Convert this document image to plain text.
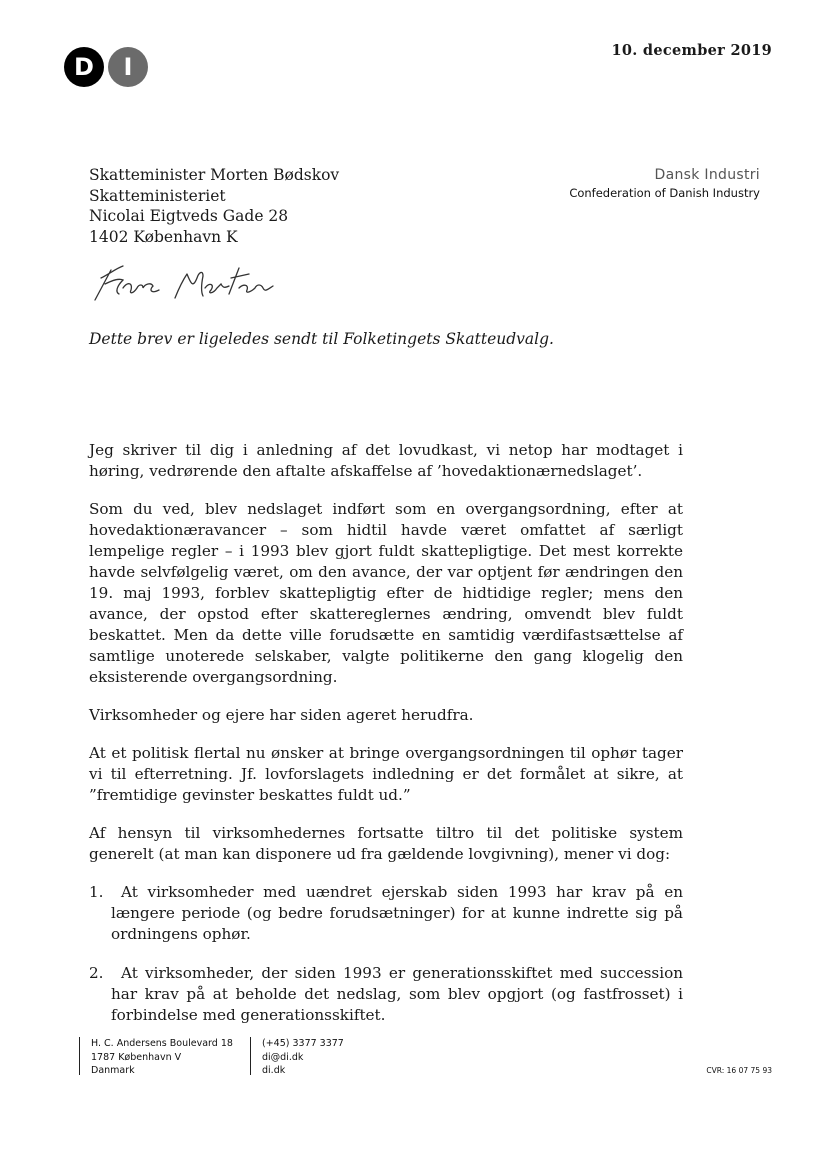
D	I
10. december 2019
Skatteminister Morten Bødskov
Skatteministeriet
Nicolai Eigtveds Gade 28
1402 København K
Dansk Industri
Confederation of Danish Industry
Dette brev er ligeledes sendt til Folketingets Skatteudvalg.

Jeg skriver til dig i anledning af det lovudkast, vi netop har modtaget i høring, vedrørende den aftalte afskaffelse af ’hovedaktionærnedslaget’.

Som du ved, blev nedslaget indført som en overgangsordning, efter at hovedaktionæravancer – som hidtil havde været omfattet af særligt lempelige regler – i 1993 blev gjort fuldt skattepligtige. Det mest korrekte havde selvfølgelig været, om den avance, der var optjent før ændringen den 19. maj 1993, forblev skattepligtig efter de hidtidige regler; mens den avance, der opstod efter skattereglernes ændring, omvendt blev fuldt beskattet. Men da dette ville forudsætte en samtidig værdifastsættelse af samtlige unoterede selskaber, valgte politikerne den gang klogelig den eksisterende overgangsordning.

Virksomheder og ejere har siden ageret herudfra.

At et politisk flertal nu ønsker at bringe overgangsordningen til ophør tager vi til efterretning. Jf. lovforslagets indledning er det formålet at sikre, at ”fremtidige gevinster beskattes fuldt ud.”

Af hensyn til virksomhedernes fortsatte tiltro til det politiske system generelt (at man kan disponere ud fra gældende lovgivning), mener vi dog:

1.	At virksomheder med uændret ejerskab siden 1993 har krav på en længere periode (og bedre forudsætninger) for at kunne indrette sig på ordningens ophør.
2.	At virksomheder, der siden 1993 er generationsskiftet med succession har krav på at beholde det nedslag, som blev opgjort (og fastfrosset) i forbindelse med generationsskiftet.
H. C. Andersens Boulevard 18
1787 København V
Danmark
(+45) 3377 3377
di@di.dk
di.dk	CVR: 16 07 75 93
